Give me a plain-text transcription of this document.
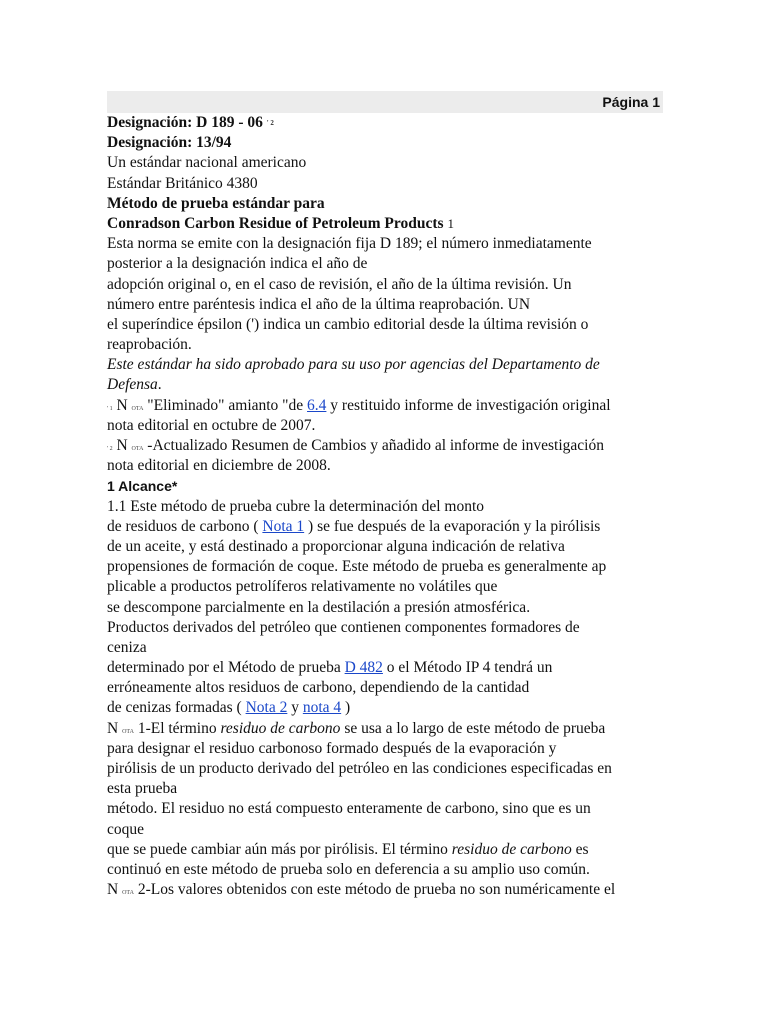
Página 1
Designación: D 189 - 06 $^{' 2}$
Designación: 13/94
Un estándar nacional americano
Estándar Británico 4380
Método de prueba estándar para
Conradson Carbon Residue of Petroleum Products 1
Esta norma se emite con la designación fija D 189; el número inmediatamente
posterior a la designación indica el año de
adopción original o, en el caso de revisión, el año de la última revisión. Un
número entre paréntesis indica el año de la última reaprobación. UN
el superíndice épsilon (') indica un cambio editorial desde la última revisión o
reaprobación.
Este estándar ha sido aprobado para su uso por agencias del Departamento de
Defensa.
' 1 N OTA "Eliminado" amianto "de 6.4 y restituido informe de investigación original
nota editorial en octubre de 2007.
' 2 N OTA -Actualizado Resumen de Cambios y añadido al informe de investigación
nota editorial en diciembre de 2008.
1 Alcance*
1.1 Este método de prueba cubre la determinación del monto
de residuos de carbono ( Nota 1 ) se fue después de la evaporación y la pirólisis
de un aceite, y está destinado a proporcionar alguna indicación de relativa
propensiones de formación de coque. Este método de prueba es generalmente ap
plicable a productos petrolíferos relativamente no volátiles que
se descompone parcialmente en la destilación a presión atmosférica.
Productos derivados del petróleo que contienen componentes formadores de
ceniza
determinado por el Método de prueba D 482 o el Método IP 4 tendrá un
erróneamente altos residuos de carbono, dependiendo de la cantidad
de cenizas formadas ( Nota 2 y nota 4 )
N OTA 1-El término residuo de carbono se usa a lo largo de este método de prueba
para designar el residuo carbonoso formado después de la evaporación y
pirólisis de un producto derivado del petróleo en las condiciones especificadas en
esta prueba
método. El residuo no está compuesto enteramente de carbono, sino que es un
coque
que se puede cambiar aún más por pirólisis. El término residuo de carbono es
continuó en este método de prueba solo en deferencia a su amplio uso común.
N OTA 2-Los valores obtenidos con este método de prueba no son numéricamente el
